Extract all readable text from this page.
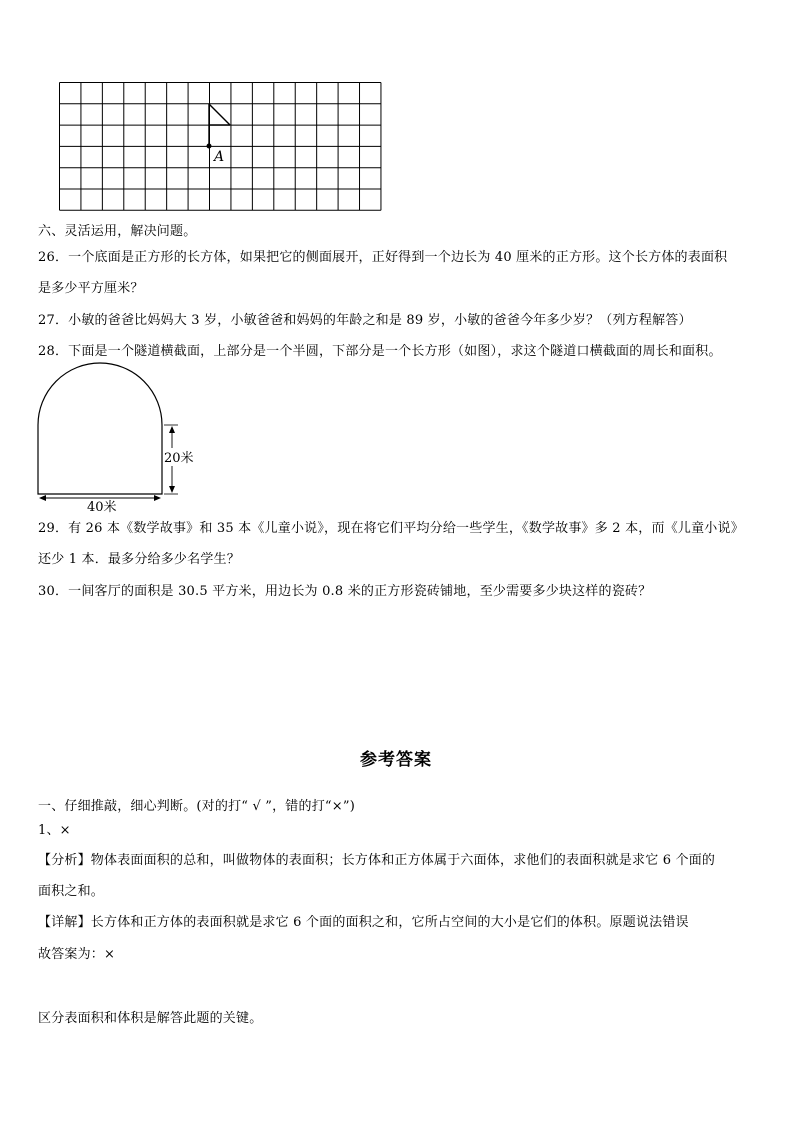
A
六、灵活运用，解决问题。
26．一个底面是正方形的长方体，如果把它的侧面展开，正好得到一个边长为 40 厘米的正方形。这个长方体的表面积
是多少平方厘米？
27．小敏的爸爸比妈妈大 3 岁，小敏爸爸和妈妈的年龄之和是 89 岁，小敏的爸爸今年多少岁？（列方程解答）
28．下面是一个隧道横截面，上部分是一个半圆，下部分是一个长方形（如图），求这个隧道口横截面的周长和面积。
20米
40米
29．有 26 本《数学故事》和 35 本《儿童小说》，现在将它们平均分给一些学生，《数学故事》多 2 本，而《儿童小说》
还少 1 本．最多分给多少名学生？
30．一间客厅的面积是 30.5 平方米，用边长为 0.8 米的正方形瓷砖铺地，至少需要多少块这样的瓷砖？
参考答案
一、仔细推敲，细心判断。(对的打“ √ ”，错的打“×”)
1、×
【分析】物体表面面积的总和，叫做物体的表面积；长方体和正方体属于六面体，求他们的表面积就是求它 6 个面的
面积之和。
【详解】长方体和正方体的表面积就是求它 6 个面的面积之和，它所占空间的大小是它们的体积。原题说法错误
故答案为：×
区分表面积和体积是解答此题的关键。
